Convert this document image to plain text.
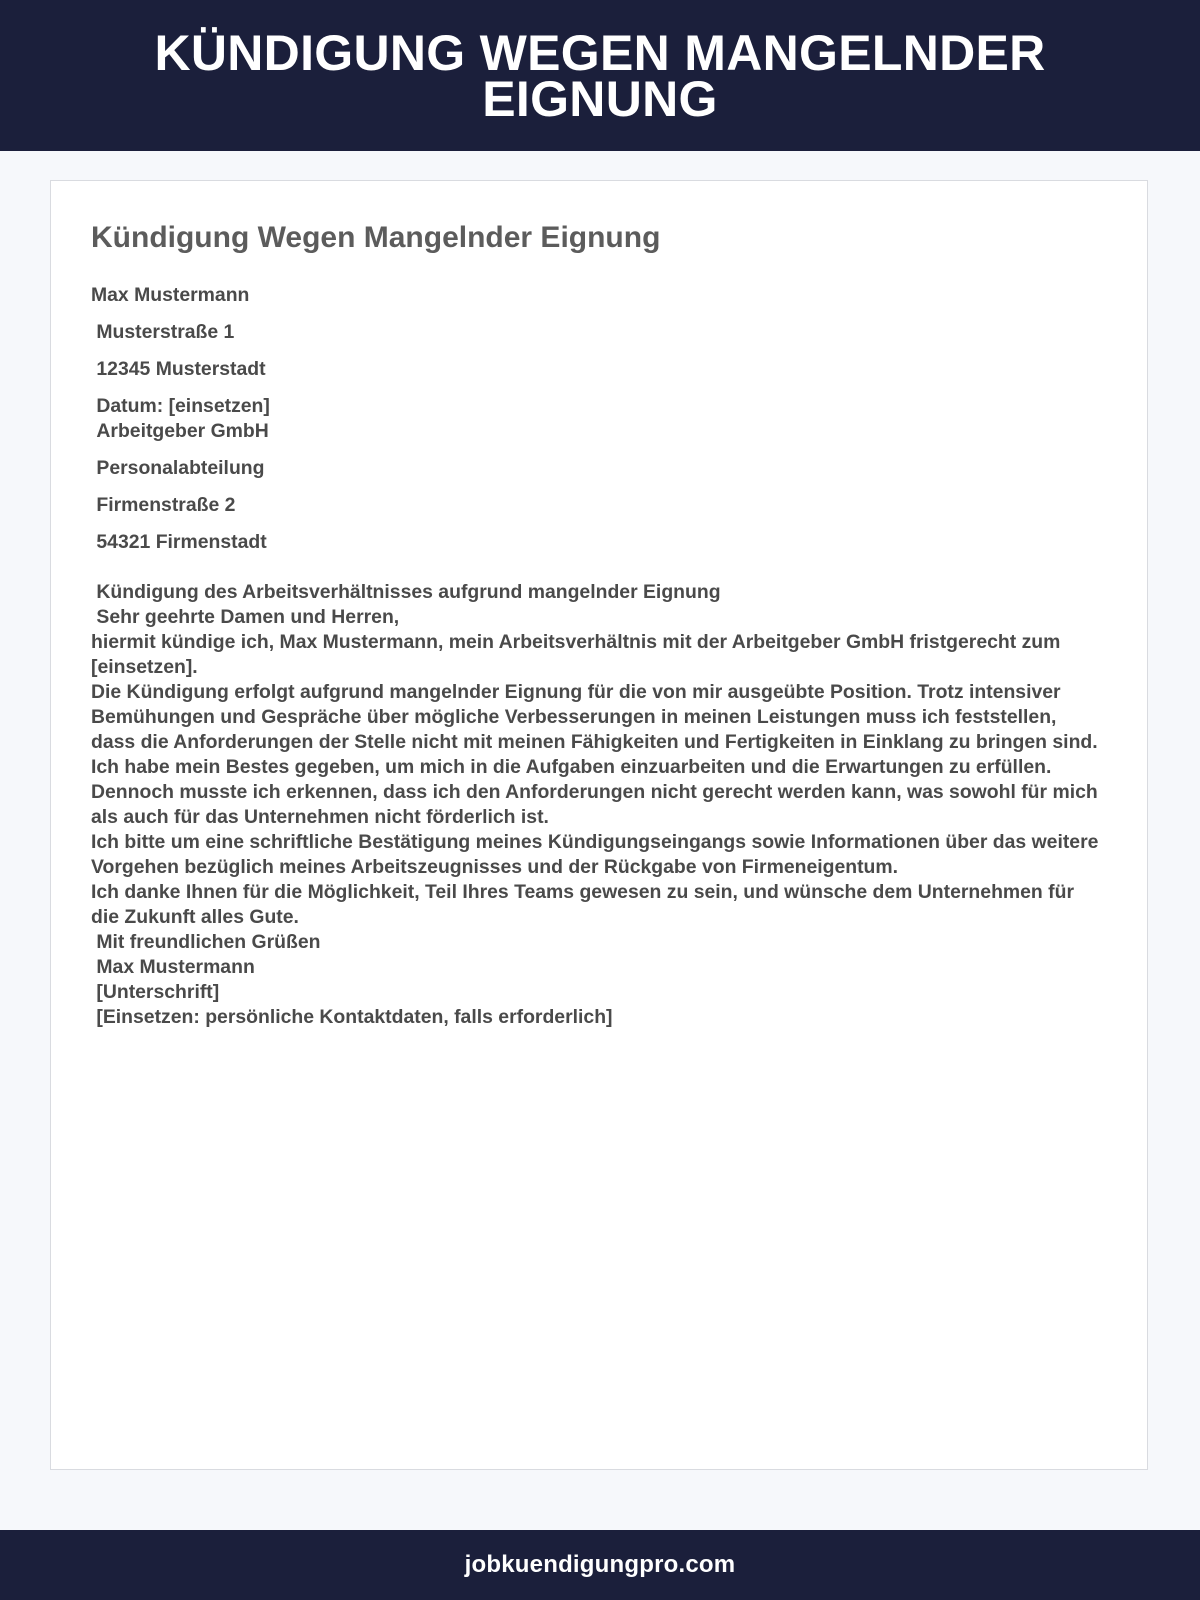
KÜNDIGUNG WEGEN MANGELNDER EIGNUNG
Kündigung Wegen Mangelnder Eignung
Max Mustermann
Musterstraße 1
12345 Musterstadt
Datum: [einsetzen]
Arbeitgeber GmbH
Personalabteilung
Firmenstraße 2
54321 Firmenstadt
Kündigung des Arbeitsverhältnisses aufgrund mangelnder Eignung
Sehr geehrte Damen und Herren,
hiermit kündige ich, Max Mustermann, mein Arbeitsverhältnis mit der Arbeitgeber GmbH fristgerecht zum [einsetzen].
Die Kündigung erfolgt aufgrund mangelnder Eignung für die von mir ausgeübte Position. Trotz intensiver Bemühungen und Gespräche über mögliche Verbesserungen in meinen Leistungen muss ich feststellen, dass die Anforderungen der Stelle nicht mit meinen Fähigkeiten und Fertigkeiten in Einklang zu bringen sind.
Ich habe mein Bestes gegeben, um mich in die Aufgaben einzuarbeiten und die Erwartungen zu erfüllen. Dennoch musste ich erkennen, dass ich den Anforderungen nicht gerecht werden kann, was sowohl für mich als auch für das Unternehmen nicht förderlich ist.
Ich bitte um eine schriftliche Bestätigung meines Kündigungseingangs sowie Informationen über das weitere Vorgehen bezüglich meines Arbeitszeugnisses und der Rückgabe von Firmeneigentum.
Ich danke Ihnen für die Möglichkeit, Teil Ihres Teams gewesen zu sein, und wünsche dem Unternehmen für die Zukunft alles Gute.
Mit freundlichen Grüßen
Max Mustermann
[Unterschrift]
[Einsetzen: persönliche Kontaktdaten, falls erforderlich]
jobkuendigungpro.com
